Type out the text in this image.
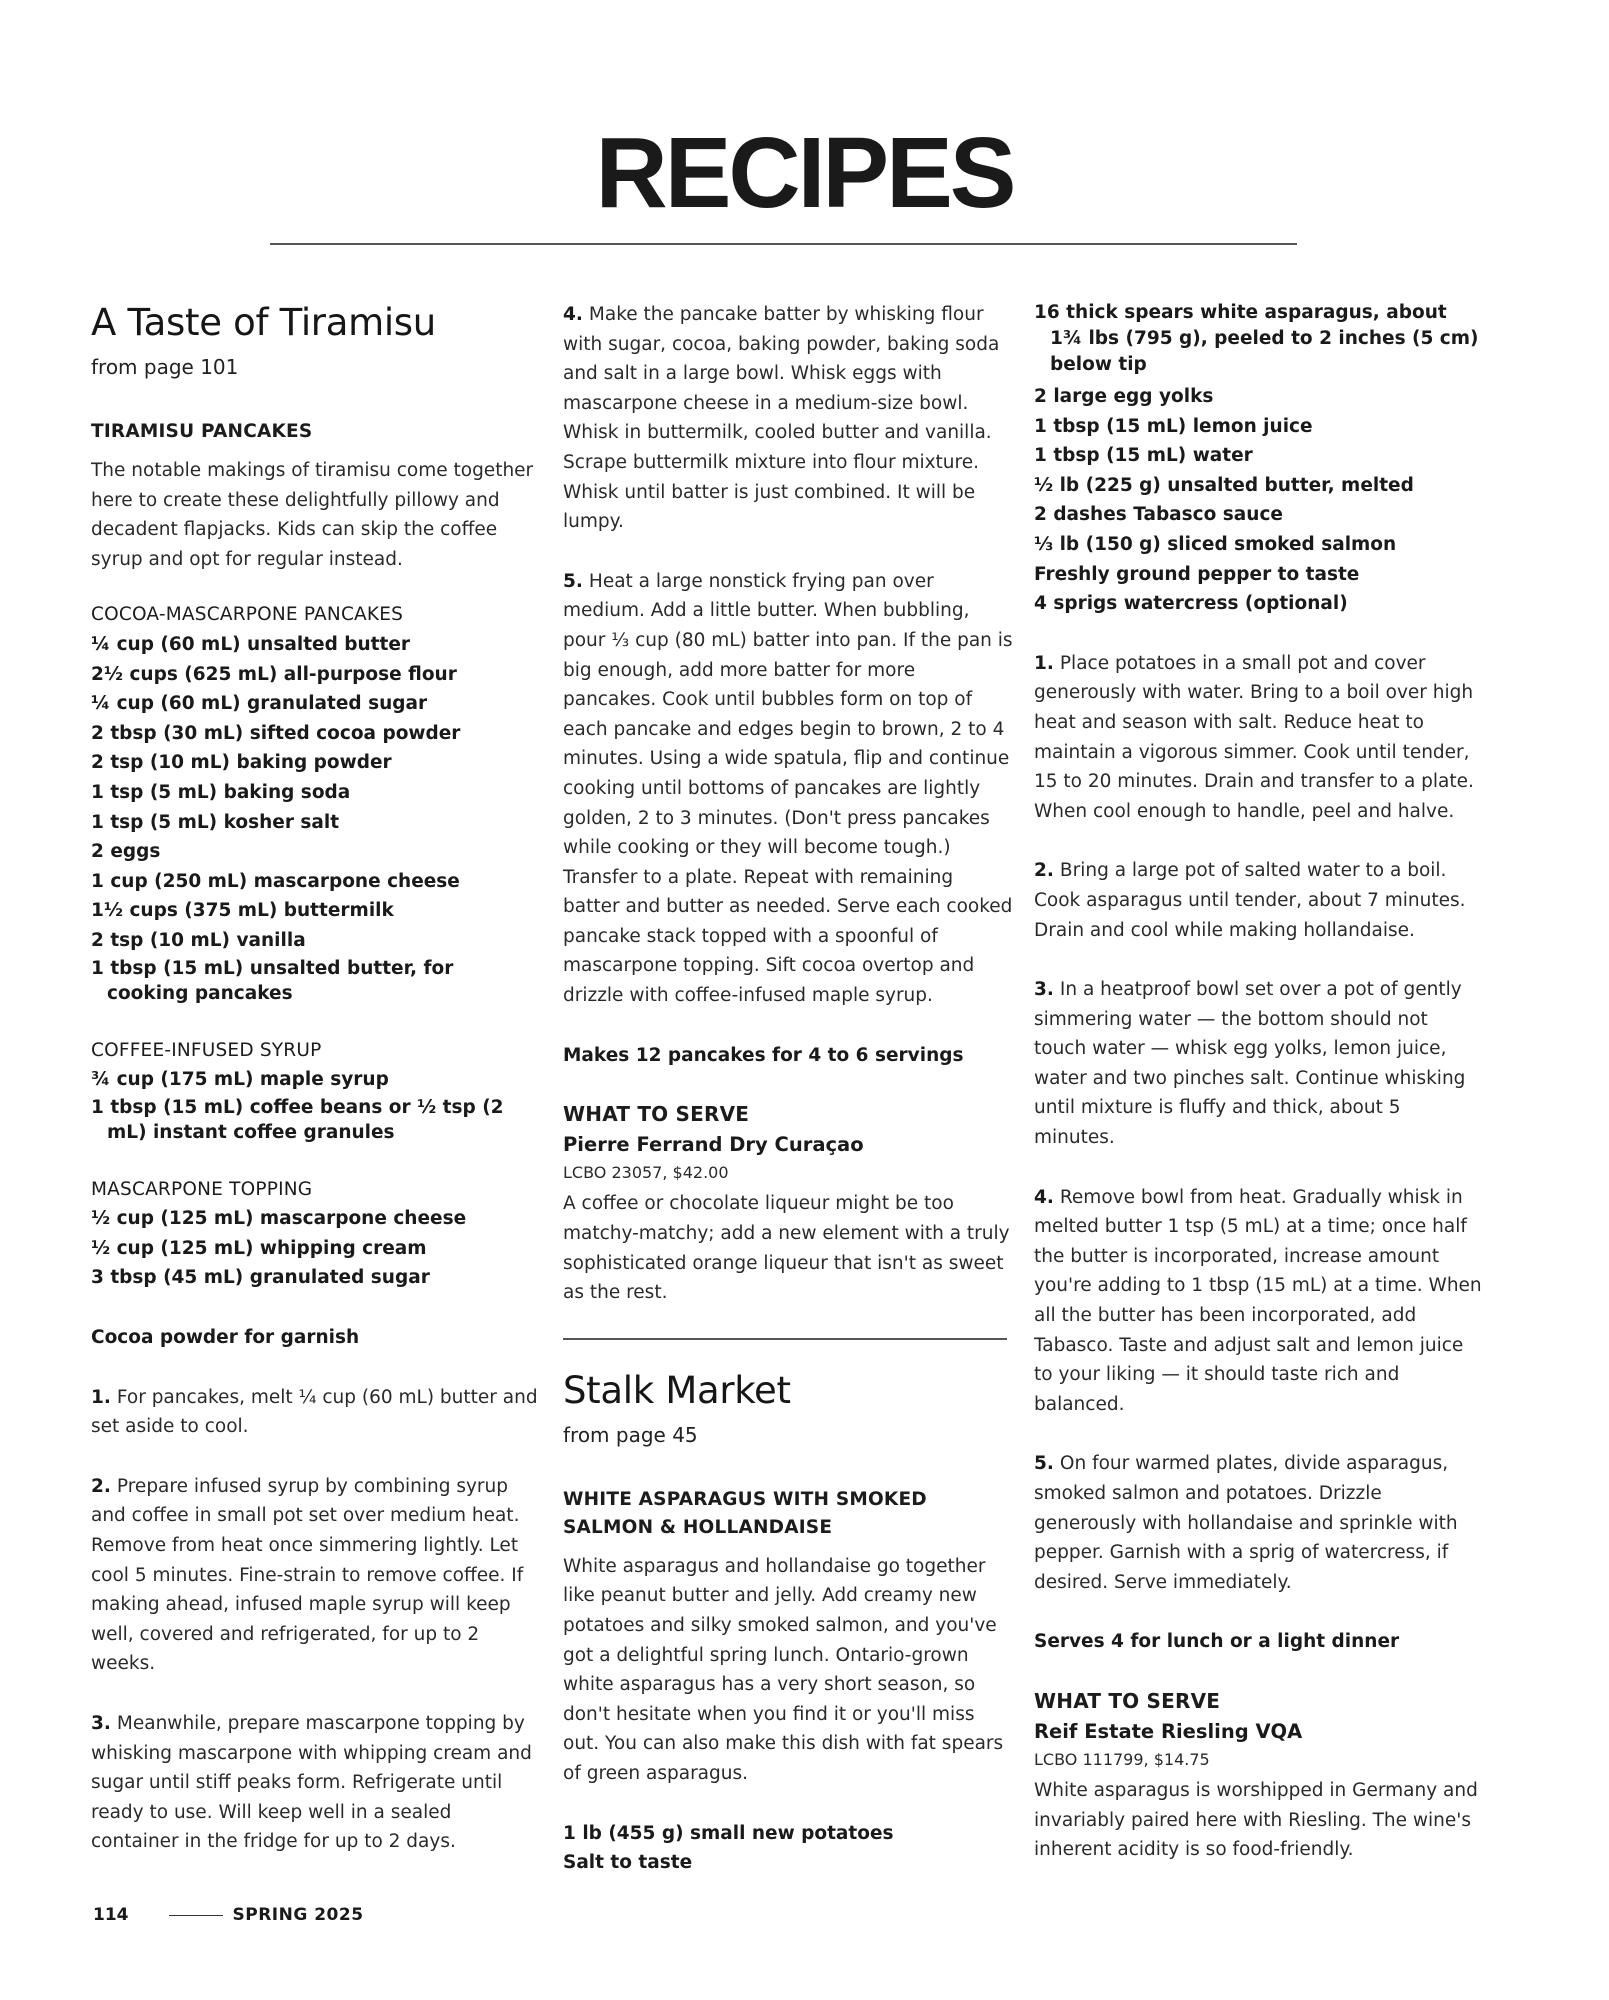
RECIPES
A Taste of Tiramisu

from page 101

TIRAMISU PANCAKES

The notable makings of tiramisu come together here to create these delightfully pillowy and decadent flapjacks. Kids can skip the coffee syrup and opt for regular instead.

COCOA-MASCARPONE PANCAKES

¼ cup (60 mL) unsalted butter
2½ cups (625 mL) all-purpose flour
¼ cup (60 mL) granulated sugar
2 tbsp (30 mL) sifted cocoa powder
2 tsp (10 mL) baking powder
1 tsp (5 mL) baking soda
1 tsp (5 mL) kosher salt
2 eggs
1 cup (250 mL) mascarpone cheese
1½ cups (375 mL) buttermilk
2 tsp (10 mL) vanilla
1 tbsp (15 mL) unsalted butter, for cooking pancakes

COFFEE-INFUSED SYRUP

¾ cup (175 mL) maple syrup
1 tbsp (15 mL) coffee beans or ½ tsp (2 mL) instant coffee granules

MASCARPONE TOPPING

½ cup (125 mL) mascarpone cheese
½ cup (125 mL) whipping cream
3 tbsp (45 mL) granulated sugar

Cocoa powder for garnish

1. For pancakes, melt ¼ cup (60 mL) butter and set aside to cool.

2. Prepare infused syrup by combining syrup and coffee in small pot set over medium heat. Remove from heat once simmering lightly. Let cool 5 minutes. Fine-strain to remove coffee. If making ahead, infused maple syrup will keep well, covered and refrigerated, for up to 2 weeks.

3. Meanwhile, prepare mascarpone topping by whisking mascarpone with whipping cream and sugar until stiff peaks form. Refrigerate until ready to use. Will keep well in a sealed container in the fridge for up to 2 days.

4. Make the pancake batter by whisking flour with sugar, cocoa, baking powder, baking soda and salt in a large bowl. Whisk eggs with mascarpone cheese in a medium-size bowl. Whisk in buttermilk, cooled butter and vanilla. Scrape buttermilk mixture into flour mixture. Whisk until batter is just combined. It will be lumpy.

5. Heat a large nonstick frying pan over medium. Add a little butter. When bubbling, pour ⅓ cup (80 mL) batter into pan. If the pan is big enough, add more batter for more pancakes. Cook until bubbles form on top of each pancake and edges begin to brown, 2 to 4 minutes. Using a wide spatula, flip and continue cooking until bottoms of pancakes are lightly golden, 2 to 3 minutes. (Don't press pancakes while cooking or they will become tough.) Transfer to a plate. Repeat with remaining batter and butter as needed. Serve each cooked pancake stack topped with a spoonful of mascarpone topping. Sift cocoa overtop and drizzle with coffee-infused maple syrup.

Makes 12 pancakes for 4 to 6 servings

WHAT TO SERVE

Pierre Ferrand Dry Curaçao

LCBO 23057, $42.00

A coffee or chocolate liqueur might be too matchy-matchy; add a new element with a truly sophisticated orange liqueur that isn't as sweet as the rest.

Stalk Market

from page 45

WHITE ASPARAGUS WITH SMOKED SALMON & HOLLANDAISE

White asparagus and hollandaise go together like peanut butter and jelly. Add creamy new potatoes and silky smoked salmon, and you've got a delightful spring lunch. Ontario-grown white asparagus has a very short season, so don't hesitate when you find it or you'll miss out. You can also make this dish with fat spears of green asparagus.

1 lb (455 g) small new potatoes
Salt to taste
16 thick spears white asparagus, about 1¾ lbs (795 g), peeled to 2 inches (5 cm) below tip
2 large egg yolks
1 tbsp (15 mL) lemon juice
1 tbsp (15 mL) water
½ lb (225 g) unsalted butter, melted
2 dashes Tabasco sauce
⅓ lb (150 g) sliced smoked salmon
Freshly ground pepper to taste
4 sprigs watercress (optional)

1. Place potatoes in a small pot and cover generously with water. Bring to a boil over high heat and season with salt. Reduce heat to maintain a vigorous simmer. Cook until tender, 15 to 20 minutes. Drain and transfer to a plate. When cool enough to handle, peel and halve.

2. Bring a large pot of salted water to a boil. Cook asparagus until tender, about 7 minutes. Drain and cool while making hollandaise.

3. In a heatproof bowl set over a pot of gently simmering water — the bottom should not touch water — whisk egg yolks, lemon juice, water and two pinches salt. Continue whisking until mixture is fluffy and thick, about 5 minutes.

4. Remove bowl from heat. Gradually whisk in melted butter 1 tsp (5 mL) at a time; once half the butter is incorporated, increase amount you're adding to 1 tbsp (15 mL) at a time. When all the butter has been incorporated, add Tabasco. Taste and adjust salt and lemon juice to your liking — it should taste rich and balanced.

5. On four warmed plates, divide asparagus, smoked salmon and potatoes. Drizzle generously with hollandaise and sprinkle with pepper. Garnish with a sprig of watercress, if desired. Serve immediately.

Serves 4 for lunch or a light dinner

WHAT TO SERVE

Reif Estate Riesling VQA

LCBO 111799, $14.75

White asparagus is worshipped in Germany and invariably paired here with Riesling. The wine's inherent acidity is so food-friendly.

114	SPRING 2025
